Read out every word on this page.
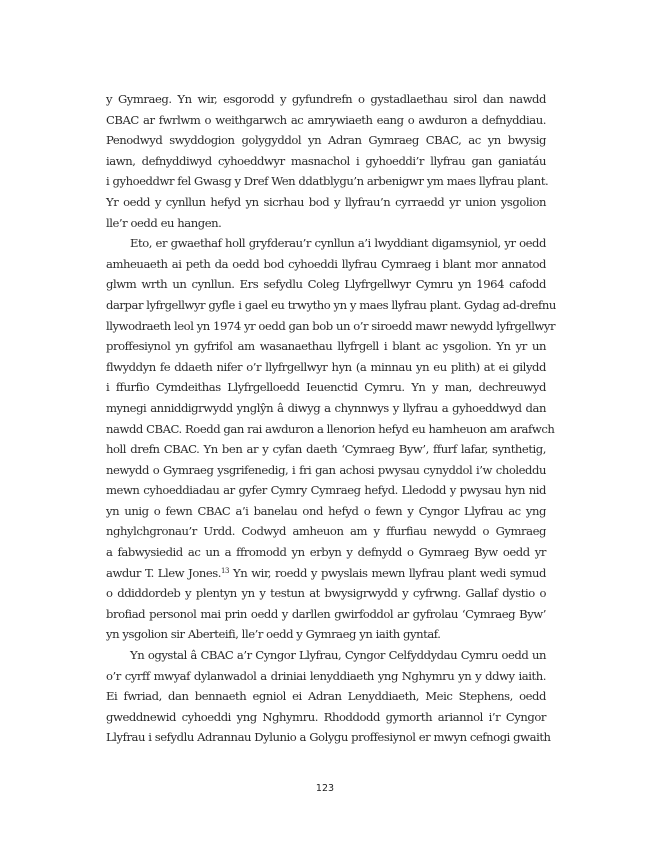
y Gymraeg. Yn wir, esgorodd y gyfundrefn o gystadlaethau sirol dan nawdd
CBAC ar fwrlwm o weithgarwch ac amrywiaeth eang o awduron a defnyddiau.
Penodwyd swyddogion golygyddol yn Adran Gymraeg CBAC, ac yn bwysig
iawn, defnyddiwyd cyhoeddwyr masnachol i gyhoeddi’r llyfrau gan ganiatáu
i gyhoeddwr fel Gwasg y Dref Wen ddatblygu’n arbenigwr ym maes llyfrau plant.
Yr oedd y cynllun hefyd yn sicrhau bod y llyfrau’n cyrraedd yr union ysgolion
lle’r oedd eu hangen.
Eto, er gwaethaf holl gryfderau’r cynllun a’i lwyddiant digamsyniol, yr oedd
amheuaeth ai peth da oedd bod cyhoeddi llyfrau Cymraeg i blant mor annatod
glwm wrth un cynllun. Ers sefydlu Coleg Llyfrgellwyr Cymru yn 1964 cafodd
darpar lyfrgellwyr gyfle i gael eu trwytho yn y maes llyfrau plant. Gydag ad-drefnu
llywodraeth leol yn 1974 yr oedd gan bob un o’r siroedd mawr newydd lyfrgellwyr
proffesiynol yn gyfrifol am wasanaethau llyfrgell i blant ac ysgolion. Yn yr un
flwyddyn fe ddaeth nifer o’r llyfrgellwyr hyn (a minnau yn eu plith) at ei gilydd
i ffurfio Cymdeithas Llyfrgelloedd Ieuenctid Cymru. Yn y man, dechreuwyd
mynegi anniddigrwydd ynglŷn â diwyg a chynnwys y llyfrau a gyhoeddwyd dan
nawdd CBAC. Roedd gan rai awduron a llenorion hefyd eu hamheuon am arafwch
holl drefn CBAC. Yn ben ar y cyfan daeth ‘Cymraeg Byw’, ffurf lafar, synthetig,
newydd o Gymraeg ysgrifenedig, i fri gan achosi pwysau cynyddol i’w choleddu
mewn cyhoeddiadau ar gyfer Cymry Cymraeg hefyd. Lledodd y pwysau hyn nid
yn unig o fewn CBAC a’i banelau ond hefyd o fewn y Cyngor Llyfrau ac yng
nghylchgronau’r Urdd. Codwyd amheuon am y ffurfiau newydd o Gymraeg
a fabwysiedid ac un a ffromodd yn erbyn y defnydd o Gymraeg Byw oedd yr
awdur T. Llew Jones.$^{13}$ Yn wir, roedd y pwyslais mewn llyfrau plant wedi symud
o ddiddordeb y plentyn yn y testun at bwysigrwydd y cyfrwng. Gallaf dystio o
brofiad personol mai prin oedd y darllen gwirfoddol ar gyfrolau ‘Cymraeg Byw’
yn ysgolion sir Aberteifi, lle’r oedd y Gymraeg yn iaith gyntaf.
Yn ogystal â CBAC a’r Cyngor Llyfrau, Cyngor Celfyddydau Cymru oedd un
o’r cyrff mwyaf dylanwadol a driniai lenyddiaeth yng Nghymru yn y ddwy iaith.
Ei fwriad, dan bennaeth egniol ei Adran Lenyddiaeth, Meic Stephens, oedd
gweddnewid cyhoeddi yng Nghymru. Rhoddodd gymorth ariannol i’r Cyngor
Llyfrau i sefydlu Adrannau Dylunio a Golygu proffesiynol er mwyn cefnogi gwaith
123
